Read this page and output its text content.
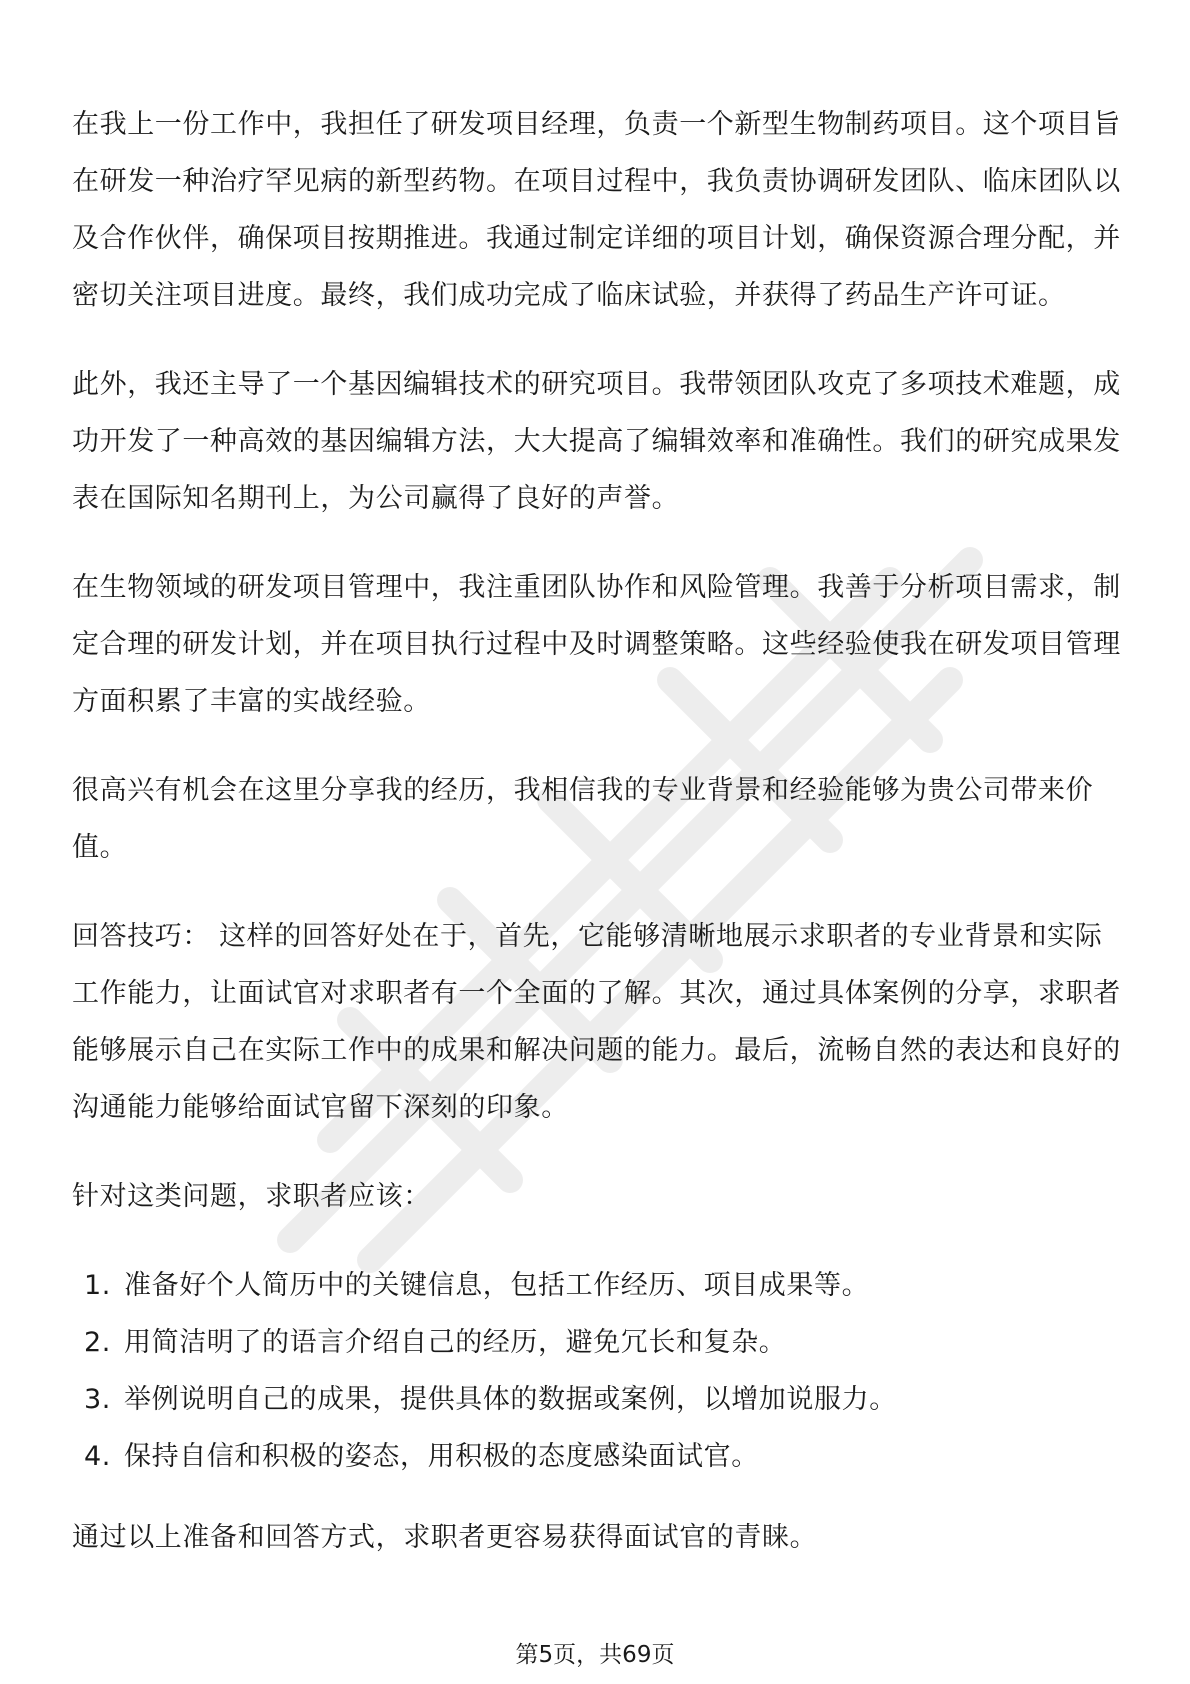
在我上一份工作中，我担任了研发项目经理，负责一个新型生物制药项目。这个项目旨在研发一种治疗罕见病的新型药物。在项目过程中，我负责协调研发团队、临床团队以及合作伙伴，确保项目按期推进。我通过制定详细的项目计划，确保资源合理分配，并密切关注项目进度。最终，我们成功完成了临床试验，并获得了药品生产许可证。

此外，我还主导了一个基因编辑技术的研究项目。我带领团队攻克了多项技术难题，成功开发了一种高效的基因编辑方法，大大提高了编辑效率和准确性。我们的研究成果发表在国际知名期刊上，为公司赢得了良好的声誉。

在生物领域的研发项目管理中，我注重团队协作和风险管理。我善于分析项目需求，制定合理的研发计划，并在项目执行过程中及时调整策略。这些经验使我在研发项目管理方面积累了丰富的实战经验。

很高兴有机会在这里分享我的经历，我相信我的专业背景和经验能够为贵公司带来价值。

回答技巧： 这样的回答好处在于，首先，它能够清晰地展示求职者的专业背景和实际工作能力，让面试官对求职者有一个全面的了解。其次，通过具体案例的分享，求职者能够展示自己在实际工作中的成果和解决问题的能力。最后，流畅自然的表达和良好的沟通能力能够给面试官留下深刻的印象。

针对这类问题，求职者应该：

1. 准备好个人简历中的关键信息，包括工作经历、项目成果等。
2. 用简洁明了的语言介绍自己的经历，避免冗长和复杂。
3. 举例说明自己的成果，提供具体的数据或案例，以增加说服力。
4. 保持自信和积极的姿态，用积极的态度感染面试官。

通过以上准备和回答方式，求职者更容易获得面试官的青睐。

第5页，共69页
